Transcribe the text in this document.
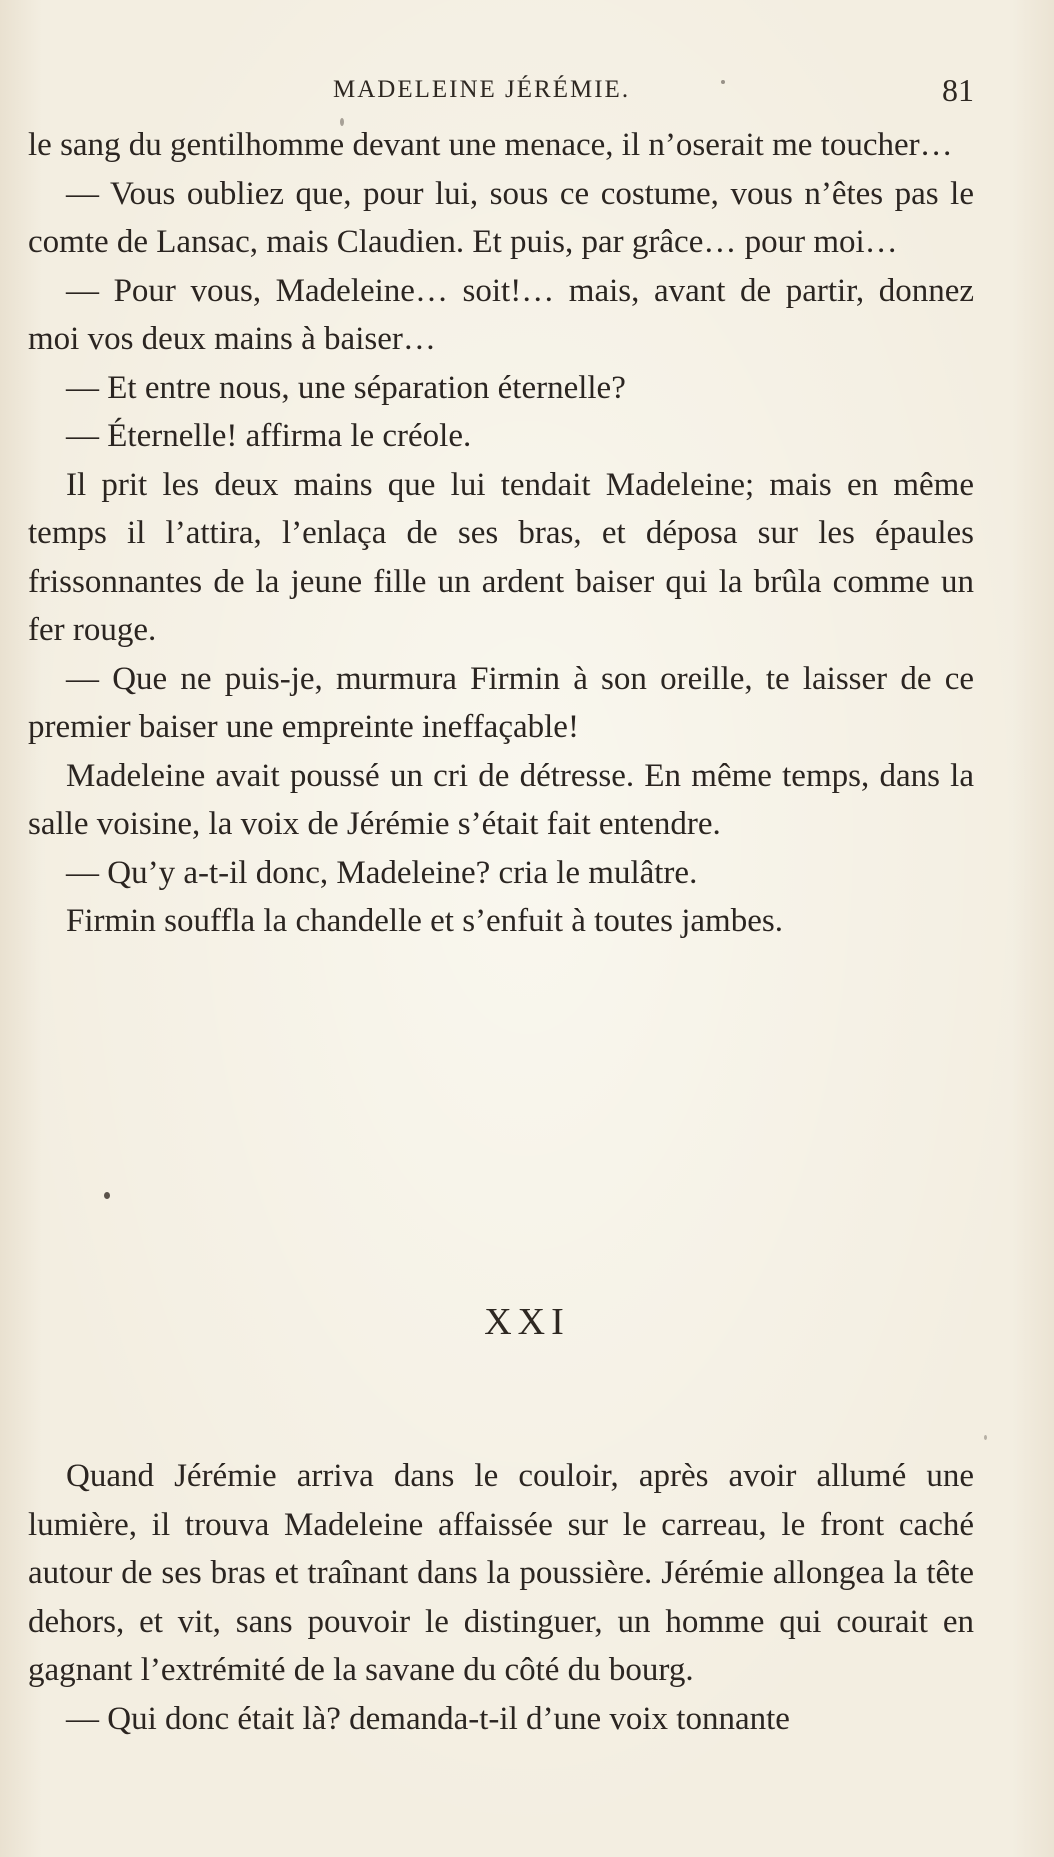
MADELEINE JÉRÉMIE.	81

le sang du gentilhomme devant une menace, il n’oserait me toucher…

— Vous oubliez que, pour lui, sous ce costume, vous n’êtes pas le comte de Lansac, mais Claudien. Et puis, par grâce… pour moi…

— Pour vous, Madeleine… soit!… mais, avant de partir, donnez moi vos deux mains à baiser…

— Et entre nous, une séparation éternelle?

— Éternelle! affirma le créole.

Il prit les deux mains que lui tendait Madeleine; mais en même temps il l’attira, l’enlaça de ses bras, et déposa sur les épaules frissonnantes de la jeune fille un ardent baiser qui la brûla comme un fer rouge.

— Que ne puis-je, murmura Firmin à son oreille, te laisser de ce premier baiser une empreinte ineffaçable!

Madeleine avait poussé un cri de détresse. En même temps, dans la salle voisine, la voix de Jérémie s’était fait entendre.

— Qu’y a-t-il donc, Madeleine? cria le mulâtre.

Firmin souffla la chandelle et s’enfuit à toutes jambes.

XXI

Quand Jérémie arriva dans le couloir, après avoir allumé une lumière, il trouva Madeleine affaissée sur le carreau, le front caché autour de ses bras et traînant dans la poussière. Jérémie allongea la tête dehors, et vit, sans pouvoir le distinguer, un homme qui courait en gagnant l’extrémité de la savane du côté du bourg.

— Qui donc était là? demanda-t-il d’une voix tonnante
